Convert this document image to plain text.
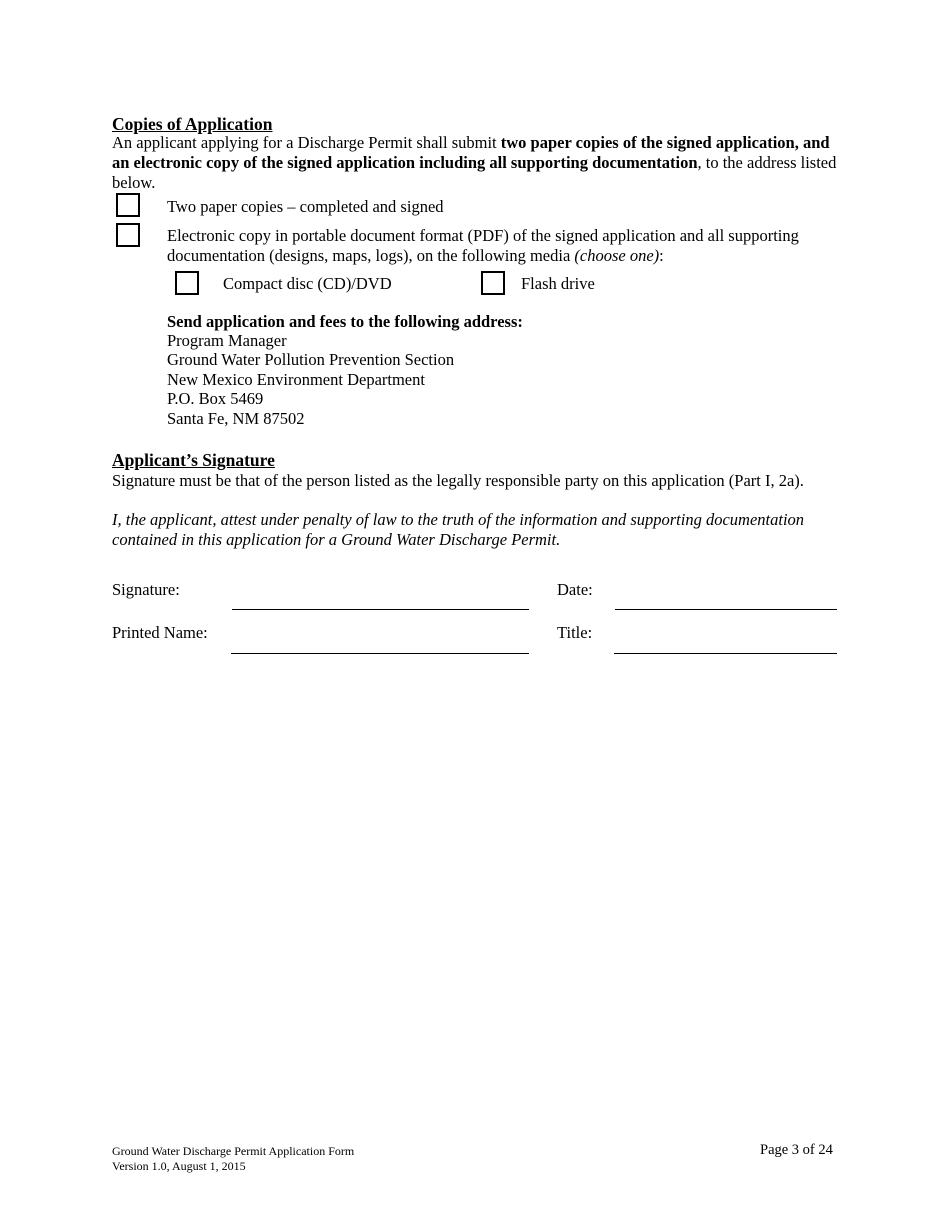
Copies of Application
An applicant applying for a Discharge Permit shall submit two paper copies of the signed application, and an electronic copy of the signed application including all supporting documentation, to the address listed below.
Two paper copies – completed and signed
Electronic copy in portable document format (PDF) of the signed application and all supporting documentation (designs, maps, logs), on the following media (choose one):
Compact disc (CD)/DVD	Flash drive
Send application and fees to the following address:
Program Manager
Ground Water Pollution Prevention Section
New Mexico Environment Department
P.O. Box 5469
Santa Fe, NM 87502
Applicant’s Signature
Signature must be that of the person listed as the legally responsible party on this application (Part I, 2a).
I, the applicant, attest under penalty of law to the truth of the information and supporting documentation contained in this application for a Ground Water Discharge Permit.
Signature:	Date:
Printed Name:	Title:
Ground Water Discharge Permit Application Form
Version 1.0, August 1, 2015
Page 3 of 24
